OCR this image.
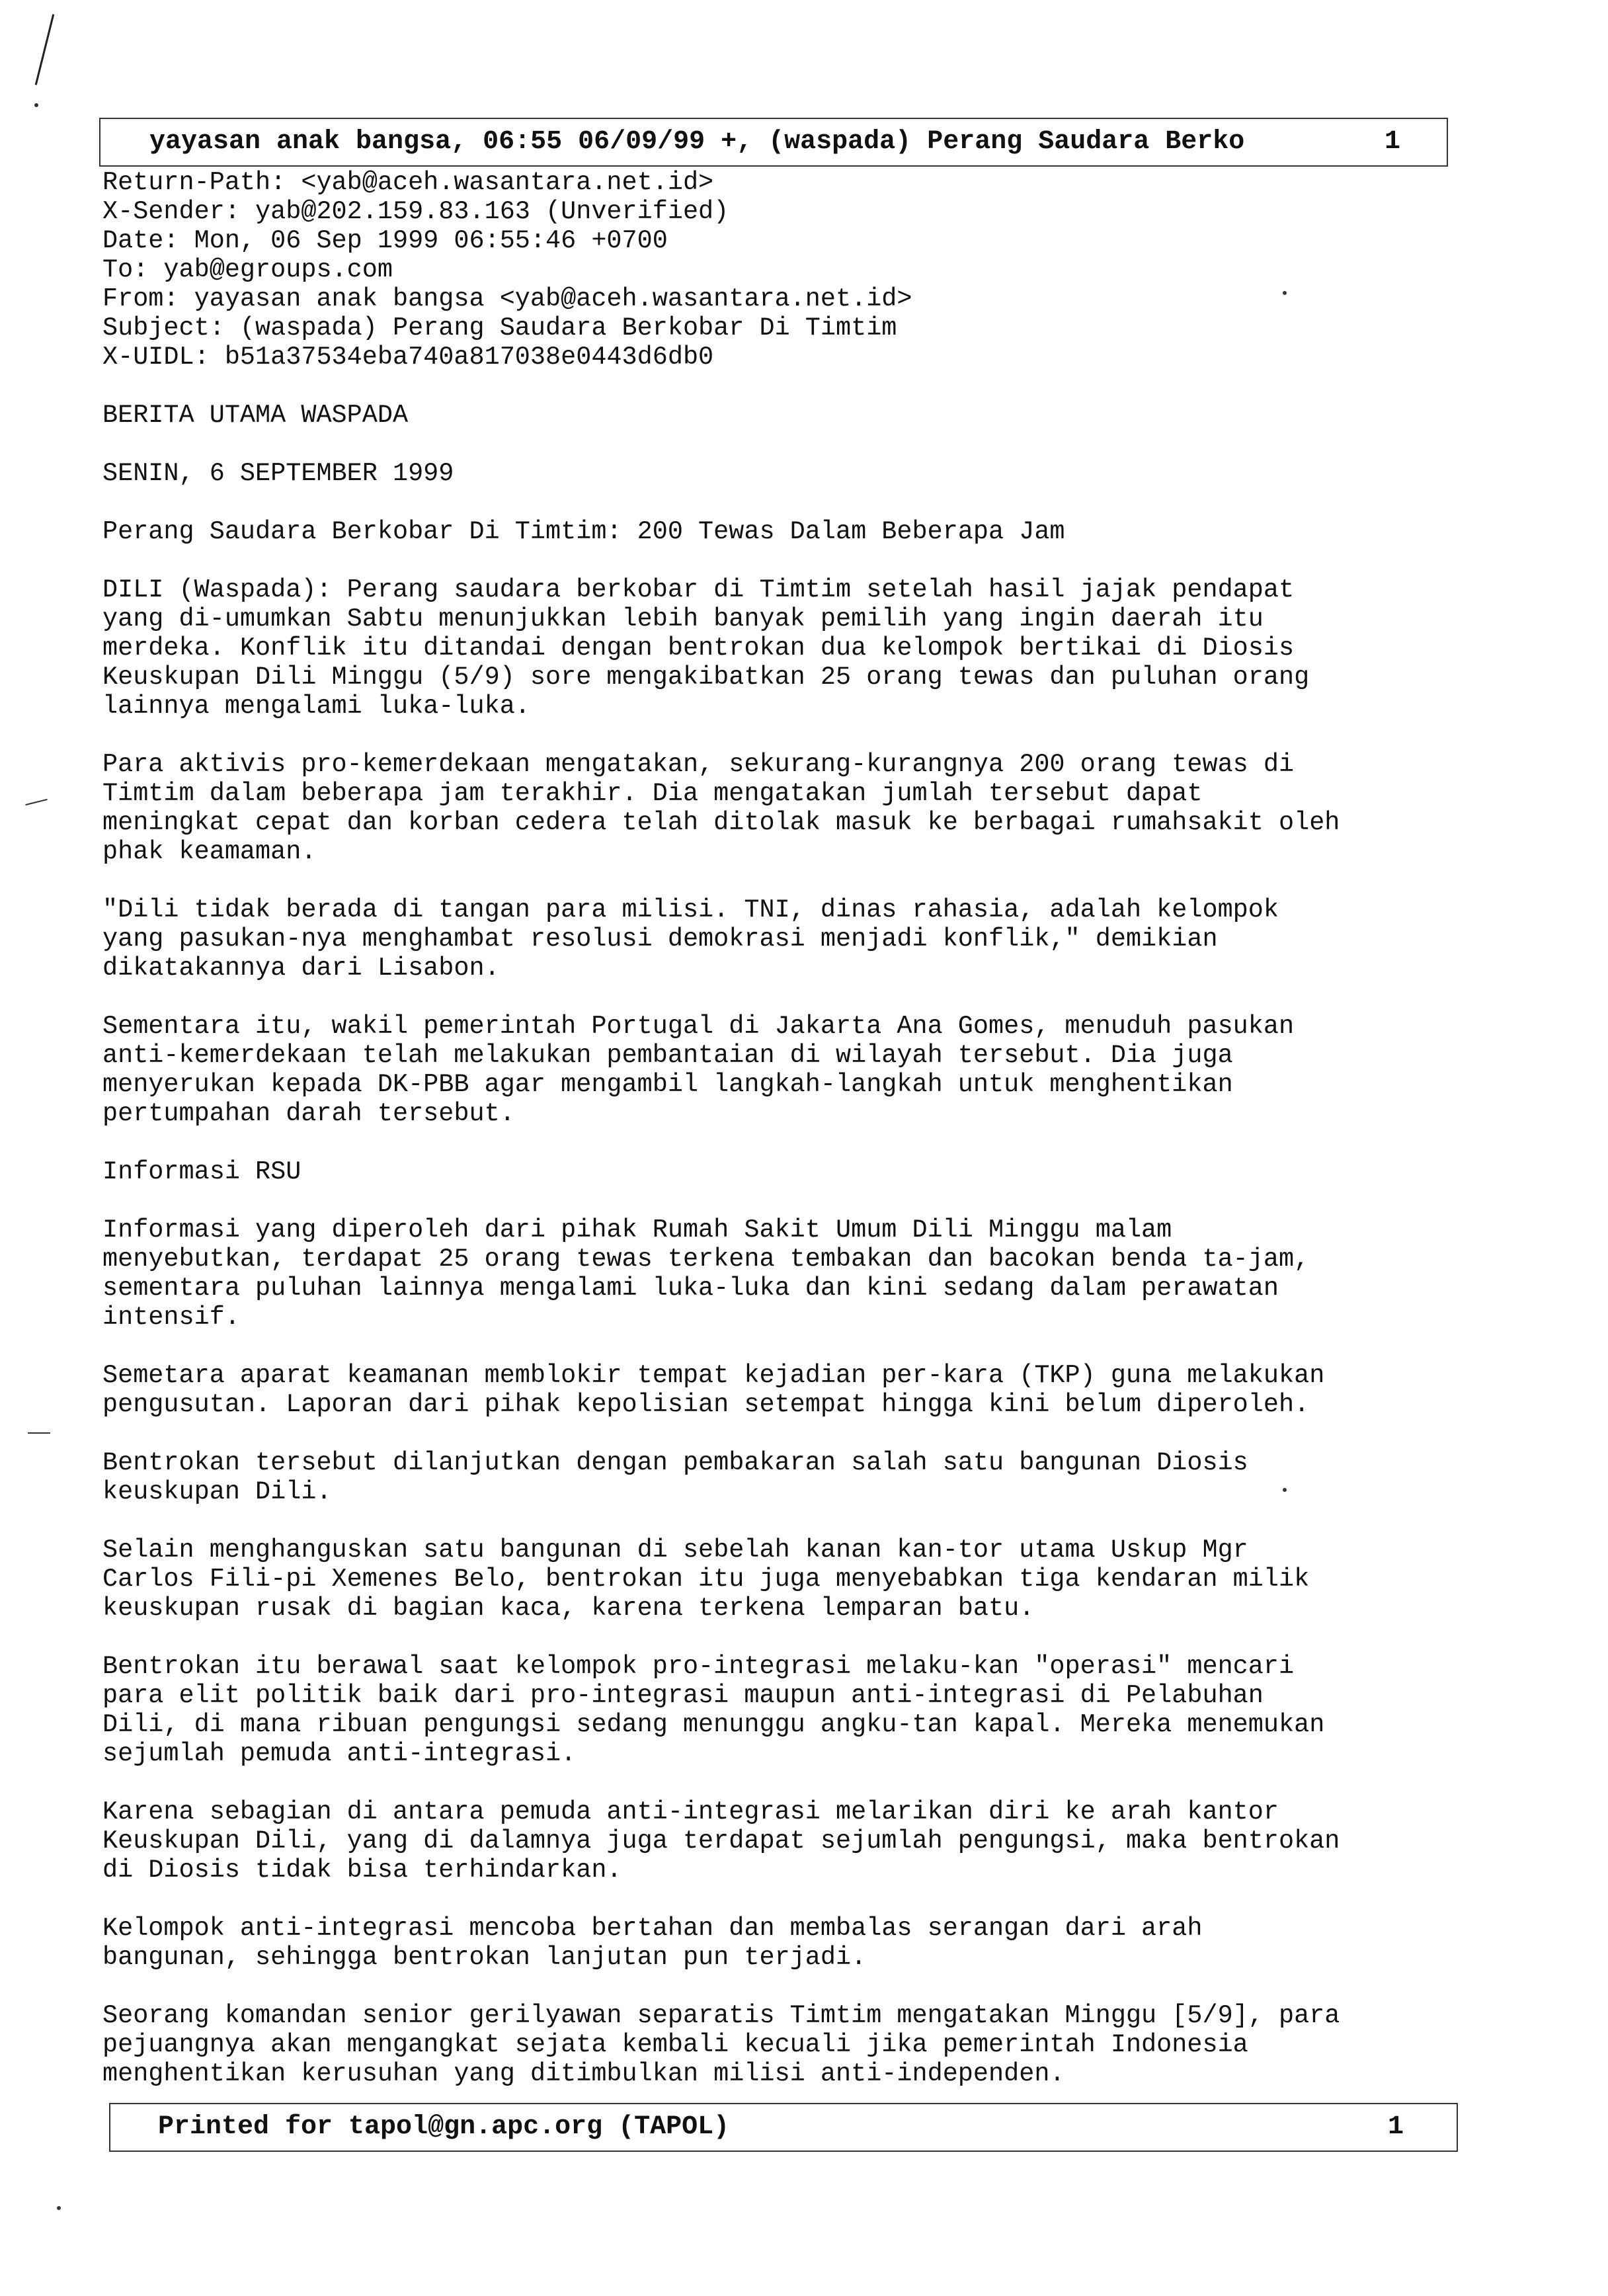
yayasan anak bangsa, 06:55 06/09/99 +, (waspada) Perang Saudara Berko	1
Return-Path: <yab@aceh.wasantara.net.id>
X-Sender: yab@202.159.83.163 (Unverified)
Date: Mon, 06 Sep 1999 06:55:46 +0700
To: yab@egroups.com
From: yayasan anak bangsa <yab@aceh.wasantara.net.id>
Subject: (waspada) Perang Saudara Berkobar Di Timtim
X-UIDL: b51a37534eba740a817038e0443d6db0
BERITA UTAMA WASPADA
SENIN, 6 SEPTEMBER 1999
Perang Saudara Berkobar Di Timtim: 200 Tewas Dalam Beberapa Jam
DILI (Waspada): Perang saudara berkobar di Timtim setelah hasil jajak pendapat
yang di-umumkan Sabtu menunjukkan lebih banyak pemilih yang ingin daerah itu
merdeka. Konflik itu ditandai dengan bentrokan dua kelompok bertikai di Diosis
Keuskupan Dili Minggu (5/9) sore mengakibatkan 25 orang tewas dan puluhan orang
lainnya mengalami luka-luka.
Para aktivis pro-kemerdekaan mengatakan, sekurang-kurangnya 200 orang tewas di
Timtim dalam beberapa jam terakhir. Dia mengatakan jumlah tersebut dapat
meningkat cepat dan korban cedera telah ditolak masuk ke berbagai rumahsakit oleh
phak keamaman.
"Dili tidak berada di tangan para milisi. TNI, dinas rahasia, adalah kelompok
yang pasukan-nya menghambat resolusi demokrasi menjadi konflik," demikian
dikatakannya dari Lisabon.
Sementara itu, wakil pemerintah Portugal di Jakarta Ana Gomes, menuduh pasukan
anti-kemerdekaan telah melakukan pembantaian di wilayah tersebut. Dia juga
menyerukan kepada DK-PBB agar mengambil langkah-langkah untuk menghentikan
pertumpahan darah tersebut.
Informasi RSU
Informasi yang diperoleh dari pihak Rumah Sakit Umum Dili Minggu malam
menyebutkan, terdapat 25 orang tewas terkena tembakan dan bacokan benda ta-jam,
sementara puluhan lainnya mengalami luka-luka dan kini sedang dalam perawatan
intensif.
Semetara aparat keamanan memblokir tempat kejadian per-kara (TKP) guna melakukan
pengusutan. Laporan dari pihak kepolisian setempat hingga kini belum diperoleh.
Bentrokan tersebut dilanjutkan dengan pembakaran salah satu bangunan Diosis
keuskupan Dili.
Selain menghanguskan satu bangunan di sebelah kanan kan-tor utama Uskup Mgr
Carlos Fili-pi Xemenes Belo, bentrokan itu juga menyebabkan tiga kendaran milik
keuskupan rusak di bagian kaca, karena terkena lemparan batu.
Bentrokan itu berawal saat kelompok pro-integrasi melaku-kan "operasi" mencari
para elit politik baik dari pro-integrasi maupun anti-integrasi di Pelabuhan
Dili, di mana ribuan pengungsi sedang menunggu angku-tan kapal. Mereka menemukan
sejumlah pemuda anti-integrasi.
Karena sebagian di antara pemuda anti-integrasi melarikan diri ke arah kantor
Keuskupan Dili, yang di dalamnya juga terdapat sejumlah pengungsi, maka bentrokan
di Diosis tidak bisa terhindarkan.
Kelompok anti-integrasi mencoba bertahan dan membalas serangan dari arah
bangunan, sehingga bentrokan lanjutan pun terjadi.
Seorang komandan senior gerilyawan separatis Timtim mengatakan Minggu [5/9], para
pejuangnya akan mengangkat sejata kembali kecuali jika pemerintah Indonesia
menghentikan kerusuhan yang ditimbulkan milisi anti-independen.
Printed for tapol@gn.apc.org (TAPOL)	1
